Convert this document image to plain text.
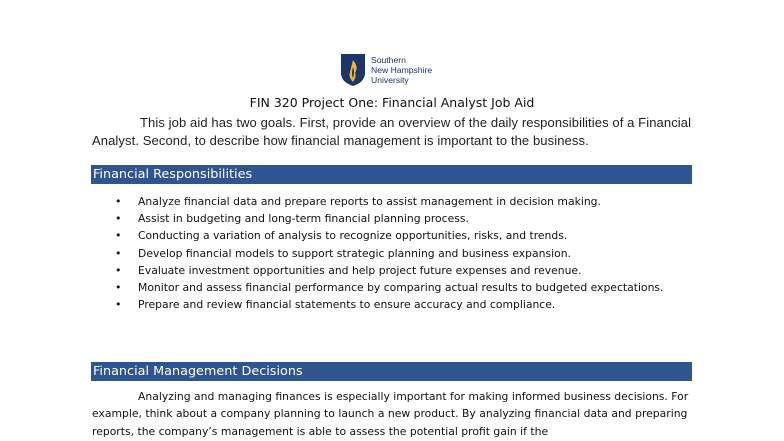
Southern
New Hampshire
University
FIN 320 Project One: Financial Analyst Job Aid
This job aid has two goals. First, provide an overview of the daily responsibilities of a Financial Analyst. Second, to describe how financial management is important to the business.
Financial Responsibilities
• Analyze financial data and prepare reports to assist management in decision making.
• Assist in budgeting and long-term financial planning process.
• Conducting a variation of analysis to recognize opportunities, risks, and trends.
• Develop financial models to support strategic planning and business expansion.
• Evaluate investment opportunities and help project future expenses and revenue.
• Monitor and assess financial performance by comparing actual results to budgeted expectations.
• Prepare and review financial statements to ensure accuracy and compliance.
Financial Management Decisions
Analyzing and managing finances is especially important for making informed business decisions. For example, think about a company planning to launch a new product. By analyzing financial data and preparing reports, the company’s management is able to assess the potential profit gain if the
